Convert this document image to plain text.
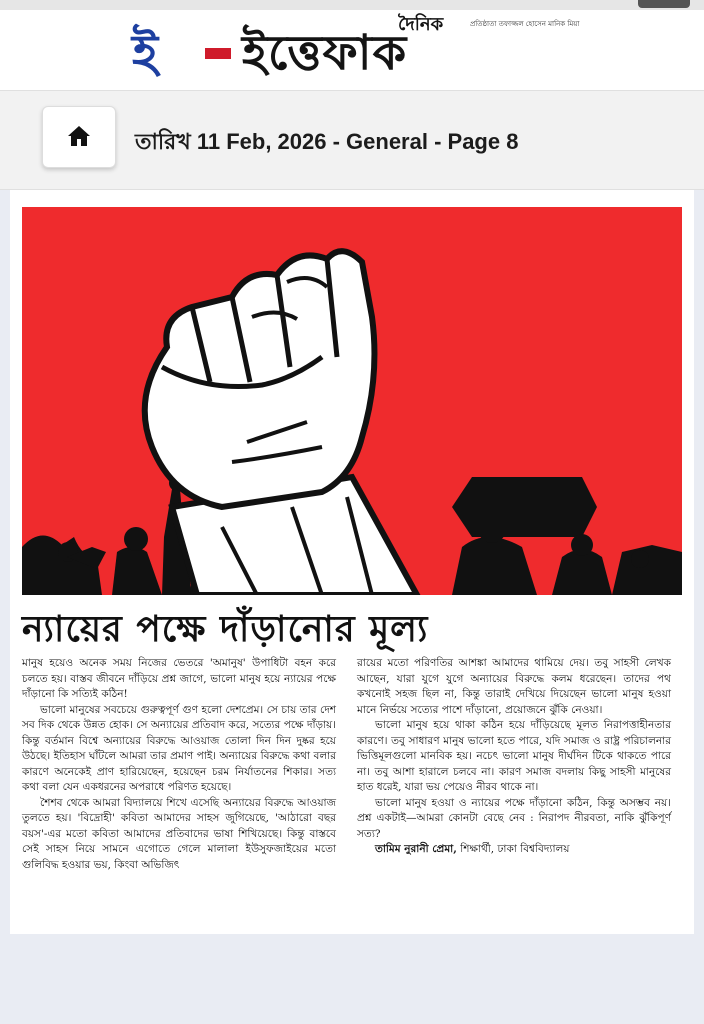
ই ইত্তেফাক
দৈনিক	প্রতিষ্ঠাতা তফাজ্জল হোসেন মানিক মিয়া
তারিখ 11 Feb, 2026 - General - Page 8
ন্যায়ের পক্ষে দাঁড়ানোর মূল্য

মানুষ হয়েও অনেক সময় নিজের ভেতরে 'অমানুষ' উপাধিটা বহন করে চলতে হয়। বাস্তব জীবনে দাঁড়িয়ে প্রশ্ন জাগে, ভালো মানুষ হয়ে ন্যায়ের পক্ষে দাঁড়ানো কি সত্যিই কঠিন!

ভালো মানুষের সবচেয়ে গুরুত্বপূর্ণ গুণ হলো দেশপ্রেম। সে চায় তার দেশ সব দিক থেকে উন্নত হোক। সে অন্যায়ের প্রতিবাদ করে, সত্যের পক্ষে দাঁড়ায়। কিন্তু বর্তমান বিশ্বে অন্যায়ের বিরুদ্ধে আওয়াজ তোলা দিন দিন দুষ্কর হয়ে উঠছে। ইতিহাস ঘাঁটলে আমরা তার প্রমাণ পাই। অন্যায়ের বিরুদ্ধে কথা বলার কারণে অনেকেই প্রাণ হারিয়েছেন, হয়েছেন চরম নির্যাতনের শিকার। সত্য কথা বলা যেন একধরনের অপরাধে পরিণত হয়েছে।

শৈশব থেকে আমরা বিদ্যালয়ে শিখে এসেছি অন্যায়ের বিরুদ্ধে আওয়াজ তুলতে হয়। 'বিদ্রোহী' কবিতা আমাদের সাহস জুগিয়েছে, 'আঠারো বছর বয়স'-এর মতো কবিতা আমাদের প্রতিবাদের ভাষা শিখিয়েছে। কিন্তু বাস্তবে সেই সাহস নিয়ে সামনে এগোতে গেলে মালালা ইউসুফজাইয়ের মতো গুলিবিদ্ধ হওয়ার ভয়, কিংবা অভিজিৎ

রায়ের মতো পরিণতির আশঙ্কা আমাদের থামিয়ে দেয়। তবু সাহসী লেখক আছেন, যারা যুগে যুগে অন্যায়ের বিরুদ্ধে কলম ধরেছেন। তাদের পথ কখনোই সহজ ছিল না, কিন্তু তারাই দেখিয়ে দিয়েছেন ভালো মানুষ হওয়া মানে নির্ভয়ে সত্যের পাশে দাঁড়ানো, প্রয়োজনে ঝুঁকি নেওয়া।

ভালো মানুষ হয়ে থাকা কঠিন হয়ে দাঁড়িয়েছে মূলত নিরাপত্তাহীনতার কারণে। তবু সাধারণ মানুষ ভালো হতে পারে, যদি সমাজ ও রাষ্ট্র পরিচালনার ভিত্তিমূলগুলো মানবিক হয়। নচেৎ ভালো মানুষ দীর্ঘদিন টিকে থাকতে পারে না। তবু আশা হারালে চলবে না। কারণ সমাজ বদলায় কিছু সাহসী মানুষের হাত ধরেই, যারা ভয় পেয়েও নীরব থাকে না।

ভালো মানুষ হওয়া ও ন্যায়ের পক্ষে দাঁড়ানো কঠিন, কিন্তু অসম্ভব নয়। প্রশ্ন একটাই—আমরা কোনটা বেছে নেব : নিরাপদ নীরবতা, নাকি ঝুঁকিপূর্ণ সত্য?

তামিম নুরানী প্রেমা, শিক্ষার্থী, ঢাকা বিশ্ববিদ্যালয়
